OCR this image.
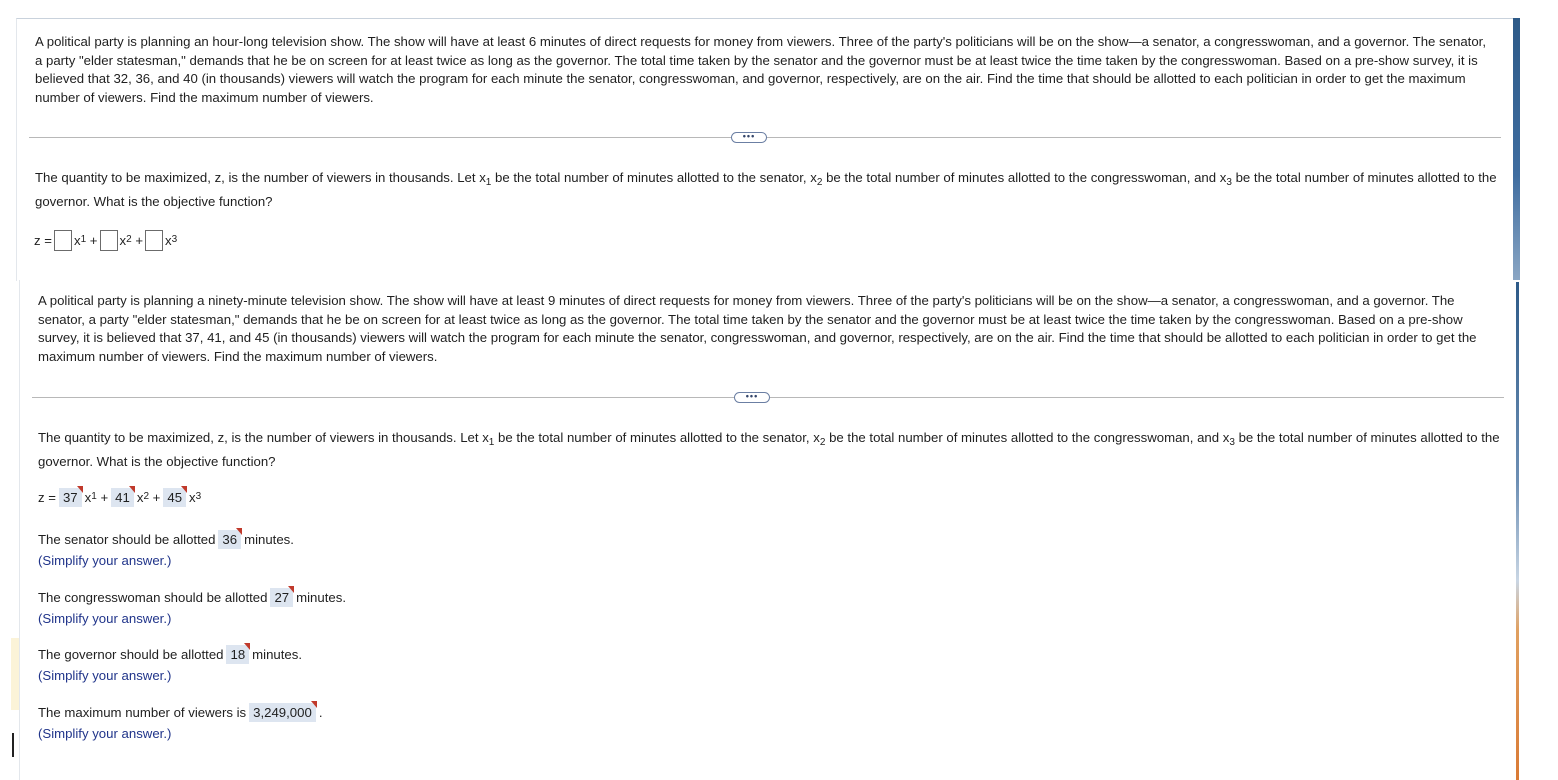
A political party is planning an hour-long television show. The show will have at least 6 minutes of direct requests for money from viewers. Three of the party's politicians will be on the show—a senator, a congresswoman, and a governor. The senator, a party "elder statesman," demands that he be on screen for at least twice as long as the governor. The total time taken by the senator and the governor must be at least twice the time taken by the congresswoman. Based on a pre-show survey, it is believed that 32, 36, and 40 (in thousands) viewers will watch the program for each minute the senator, congresswoman, and governor, respectively, are on the air. Find the time that should be allotted to each politician in order to get the maximum number of viewers. Find the maximum number of viewers.
•••
The quantity to be maximized, z, is the number of viewers in thousands. Let $x_1$ be the total number of minutes allotted to the senator, $x_2$ be the total number of minutes allotted to the congresswoman, and $x_3$ be the total number of minutes allotted to the governor. What is the objective function?
z = x 1
+ x 2
+ x 3
A political party is planning a ninety-minute television show. The show will have at least 9 minutes of direct requests for money from viewers. Three of the party's politicians will be on the show—a senator, a congresswoman, and a governor. The senator, a party "elder statesman," demands that he be on screen for at least twice as long as the governor. The total time taken by the senator and the governor must be at least twice the time taken by the congresswoman. Based on a pre-show survey, it is believed that 37, 41, and 45 (in thousands) viewers will watch the program for each minute the senator, congresswoman, and governor, respectively, are on the air. Find the time that should be allotted to each politician in order to get the maximum number of viewers. Find the maximum number of viewers.
•••
The quantity to be maximized, z, is the number of viewers in thousands. Let $x_1$ be the total number of minutes allotted to the senator, $x_2$ be the total number of minutes allotted to the congresswoman, and $x_3$ be the total number of minutes allotted to the governor. What is the objective function?
z = 37 x 1
+ 41 x 2
+ 45 x 3
The senator should be allotted 36 minutes.
(Simplify your answer.)
The congresswoman should be allotted 27 minutes.
(Simplify your answer.)
The governor should be allotted 18 minutes.
(Simplify your answer.)
The maximum number of viewers is 3,249,000 .
(Simplify your answer.)
